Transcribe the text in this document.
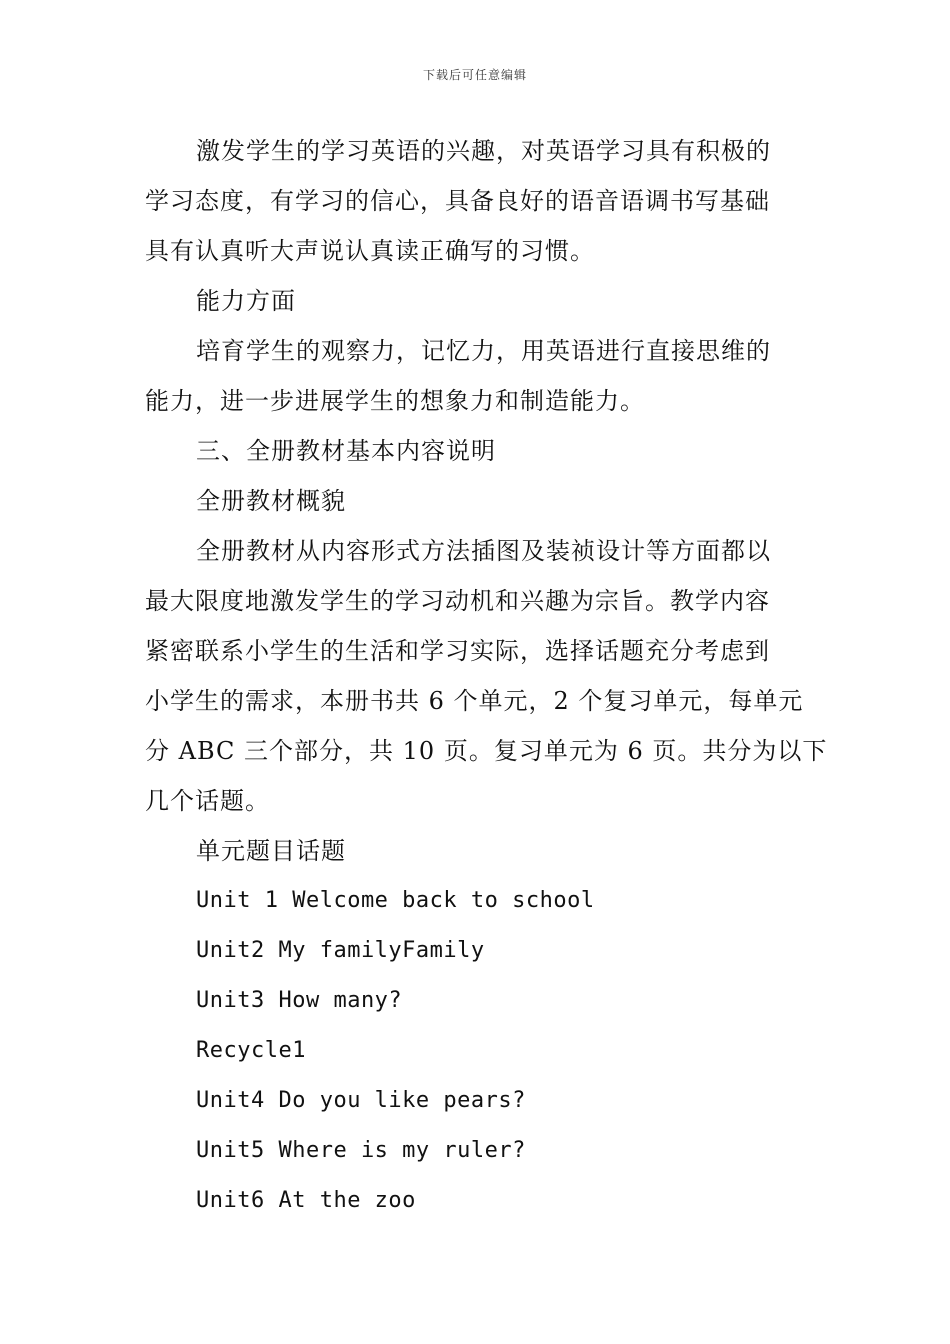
下载后可任意编辑
激发学生的学习英语的兴趣，对英语学习具有积极的
学习态度，有学习的信心，具备良好的语音语调书写基础
具有认真听大声说认真读正确写的习惯。
能力方面
培育学生的观察力，记忆力，用英语进行直接思维的
能力，进一步进展学生的想象力和制造能力。
三、全册教材基本内容说明
全册教材概貌
全册教材从内容形式方法插图及装祯设计等方面都以
最大限度地激发学生的学习动机和兴趣为宗旨。教学内容
紧密联系小学生的生活和学习实际，选择话题充分考虑到
小学生的需求，本册书共 6 个单元，2 个复习单元，每单元
分 ABC 三个部分，共 10 页。复习单元为 6 页。共分为以下
几个话题。
单元题目话题
Unit 1 Welcome back to school
Unit2 My familyFamily
Unit3 How many?
Recycle1
Unit4 Do you like pears?
Unit5 Where is my ruler?
Unit6 At the zoo
